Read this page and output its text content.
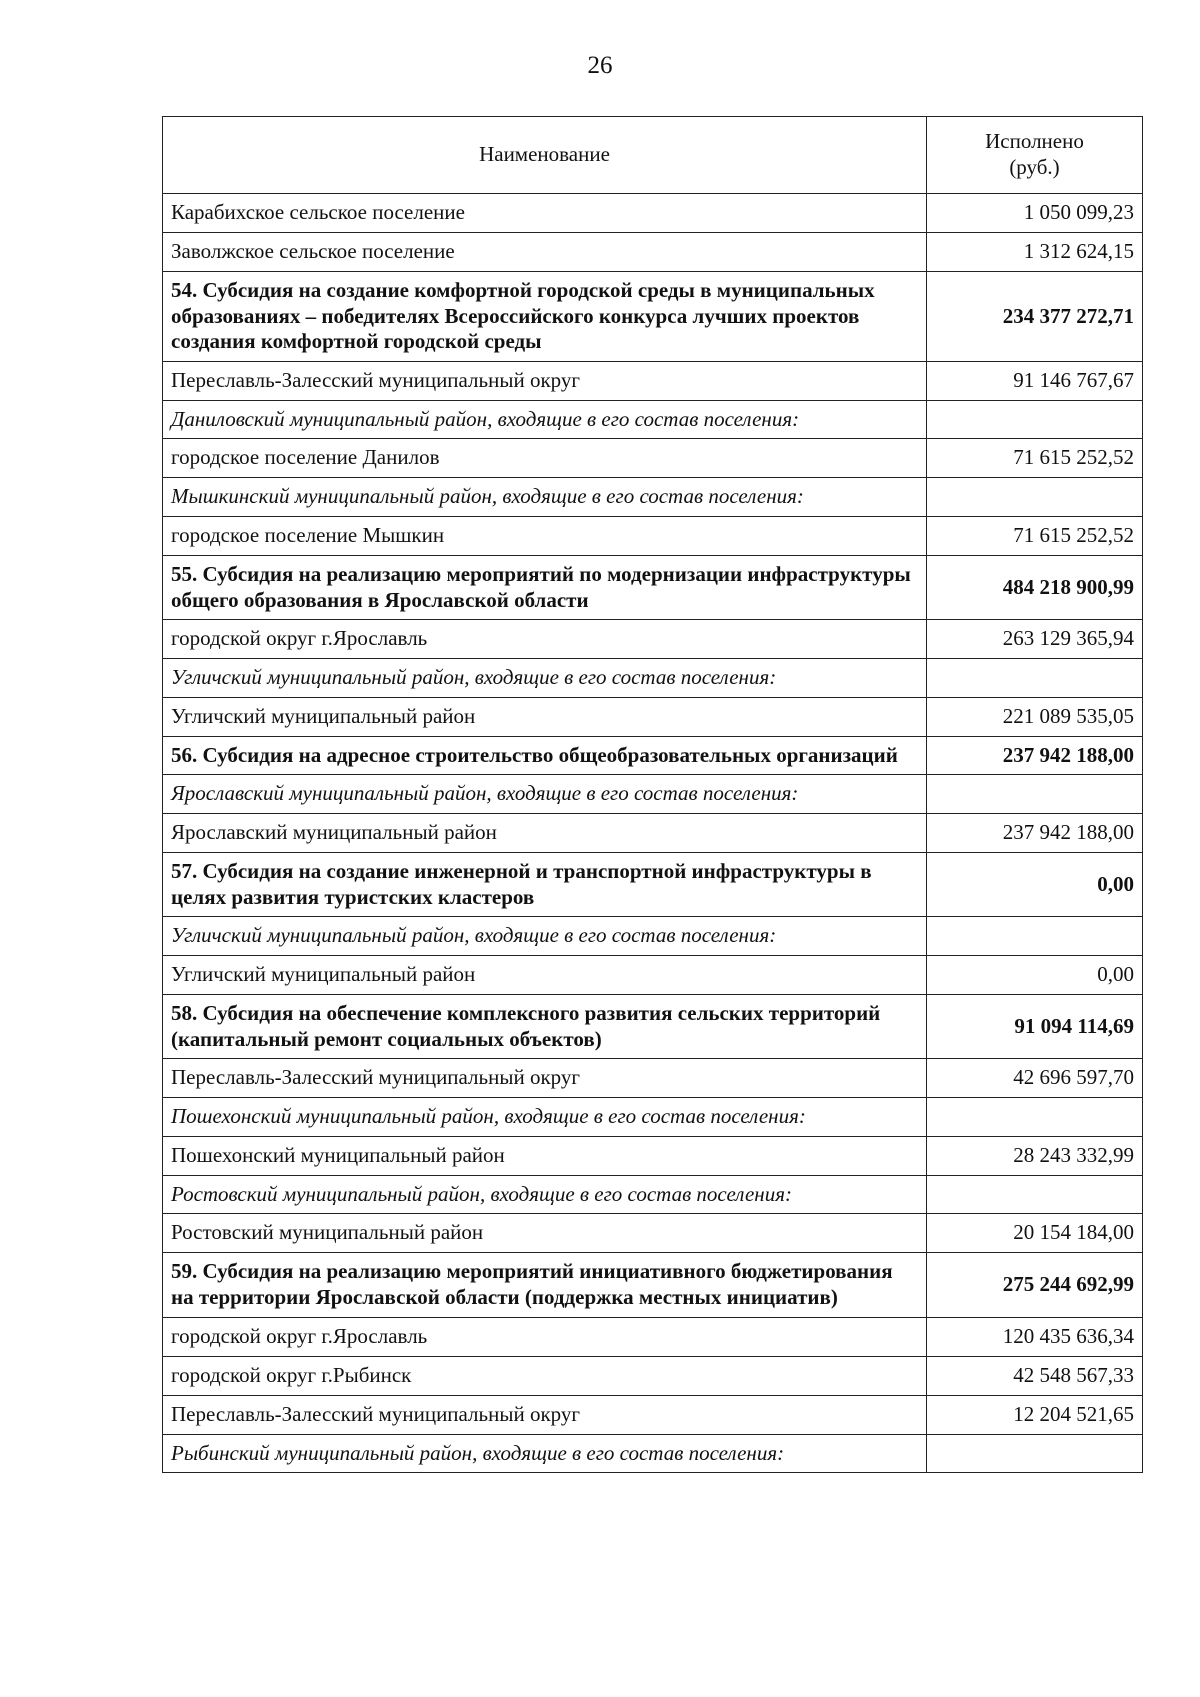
26
Наименование	Исполнено
(руб.)
Карабихское сельское поселение	1 050 099,23
Заволжское сельское поселение	1 312 624,15
54. Субсидия на создание комфортной городской среды в муниципальных образованиях – победителях Всероссийского конкурса лучших проектов создания комфортной городской среды	234 377 272,71
Переславль-Залесский муниципальный округ	91 146 767,67
Даниловский муниципальный район, входящие в его состав поселения:	
городское поселение Данилов	71 615 252,52
Мышкинский муниципальный район, входящие в его состав поселения:	
городское поселение Мышкин	71 615 252,52
55. Субсидия на реализацию мероприятий по модернизации инфраструктуры общего образования в Ярославской области	484 218 900,99
городской округ г.Ярославль	263 129 365,94
Угличский муниципальный район, входящие в его состав поселения:	
Угличский муниципальный район	221 089 535,05
56. Субсидия на адресное строительство общеобразовательных организаций	237 942 188,00
Ярославский муниципальный район, входящие в его состав поселения:	
Ярославский муниципальный район	237 942 188,00
57. Субсидия на создание инженерной и транспортной инфраструктуры в целях развития туристских кластеров	0,00
Угличский муниципальный район, входящие в его состав поселения:	
Угличский муниципальный район	0,00
58. Субсидия на обеспечение комплексного развития сельских территорий (капитальный ремонт социальных объектов)	91 094 114,69
Переславль-Залесский муниципальный округ	42 696 597,70
Пошехонский муниципальный район, входящие в его состав поселения:	
Пошехонский муниципальный район	28 243 332,99
Ростовский муниципальный район, входящие в его состав поселения:	
Ростовский муниципальный район	20 154 184,00
59. Субсидия на реализацию мероприятий инициативного бюджетирования на территории Ярославской области (поддержка местных инициатив)	275 244 692,99
городской округ г.Ярославль	120 435 636,34
городской округ г.Рыбинск	42 548 567,33
Переславль-Залесский муниципальный округ	12 204 521,65
Рыбинский муниципальный район, входящие в его состав поселения:	
